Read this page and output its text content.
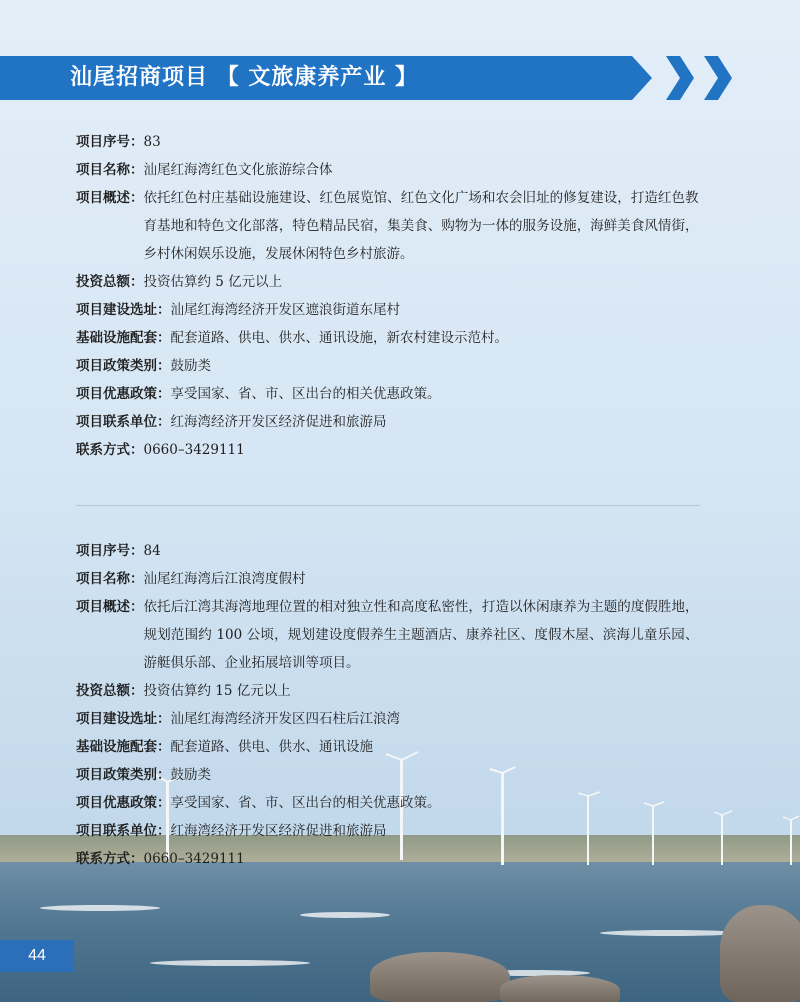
汕尾招商项目 【 文旅康养产业 】
项目序号：83
项目名称：汕尾红海湾红色文化旅游综合体
项目概述： 依托红色村庄基础设施建设、红色展览馆、红色文化广场和农会旧址的修复建设，打造红色教育基地和特色文化部落，特色精品民宿，集美食、购物为一体的服务设施，海鲜美食风情街，乡村休闲娱乐设施，发展休闲特色乡村旅游。
投资总额：投资估算约 5 亿元以上
项目建设选址：汕尾红海湾经济开发区遮浪街道东尾村
基础设施配套：配套道路、供电、供水、通讯设施，新农村建设示范村。
项目政策类别：鼓励类
项目优惠政策：享受国家、省、市、区出台的相关优惠政策。
项目联系单位：红海湾经济开发区经济促进和旅游局
联系方式：0660–3429111
项目序号：84
项目名称：汕尾红海湾后江浪湾度假村
项目概述： 依托后江湾其海湾地理位置的相对独立性和高度私密性，打造以休闲康养为主题的度假胜地，规划范围约 100 公顷，规划建设度假养生主题酒店、康养社区、度假木屋、滨海儿童乐园、游艇俱乐部、企业拓展培训等项目。
投资总额：投资估算约 15 亿元以上
项目建设选址：汕尾红海湾经济开发区四石柱后江浪湾
基础设施配套：配套道路、供电、供水、通讯设施
项目政策类别：鼓励类
项目优惠政策：享受国家、省、市、区出台的相关优惠政策。
项目联系单位：红海湾经济开发区经济促进和旅游局
联系方式：0660–3429111
44
